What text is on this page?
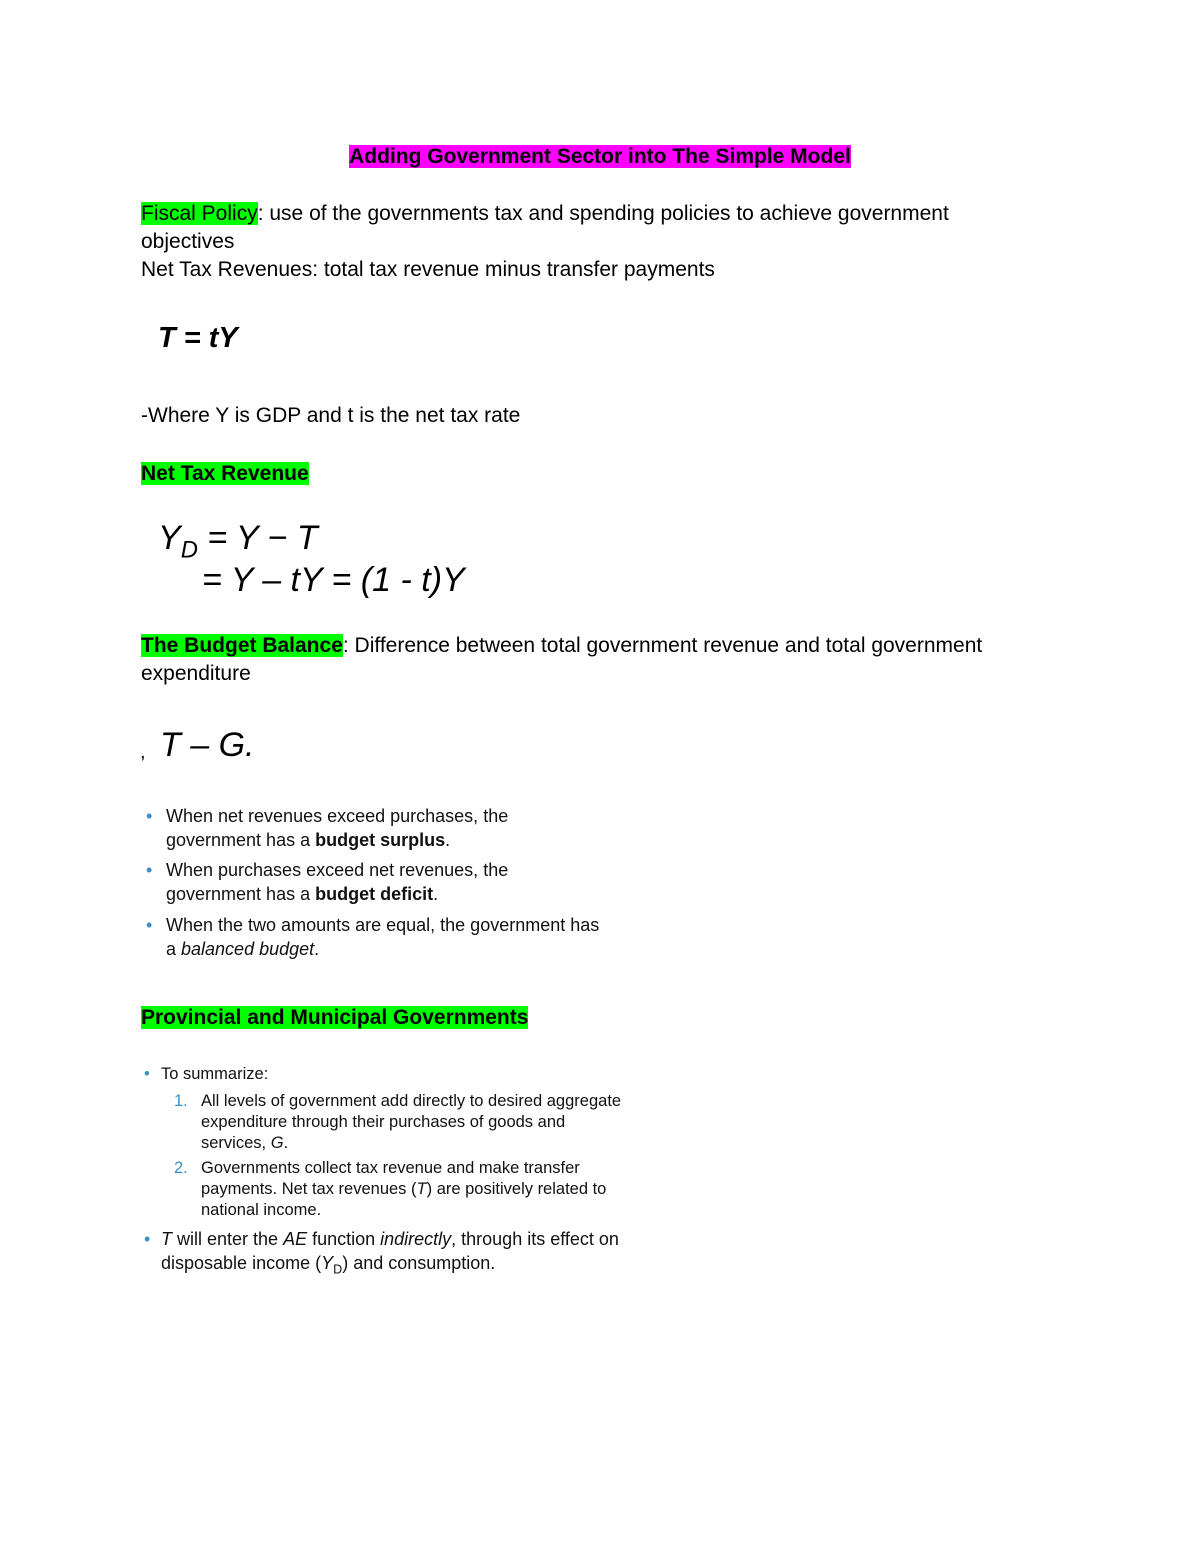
Adding Government Sector into The Simple Model
Fiscal Policy: use of the governments tax and spending policies to achieve government
objectives
Net Tax Revenues: total tax revenue minus transfer payments
T = tY
-Where Y is GDP and t is the net tax rate
Net Tax Revenue
$Y_D = Y - T$
= Y – tY = (1 - t)Y
The Budget Balance: Difference between total government revenue and total government
expenditure
, T – G.
• When net revenues exceed purchases, the
government has a budget surplus.
• When purchases exceed net revenues, the
government has a budget deficit.
• When the two amounts are equal, the government has
a balanced budget.
Provincial and Municipal Governments
• To summarize:
1. All levels of government add directly to desired aggregate
expenditure through their purchases of goods and
services, G.
2. Governments collect tax revenue and make transfer
payments. Net tax revenues (T) are positively related to
national income.
• T will enter the AE function indirectly, through its effect on
disposable income $(Y_D)$ and consumption.
